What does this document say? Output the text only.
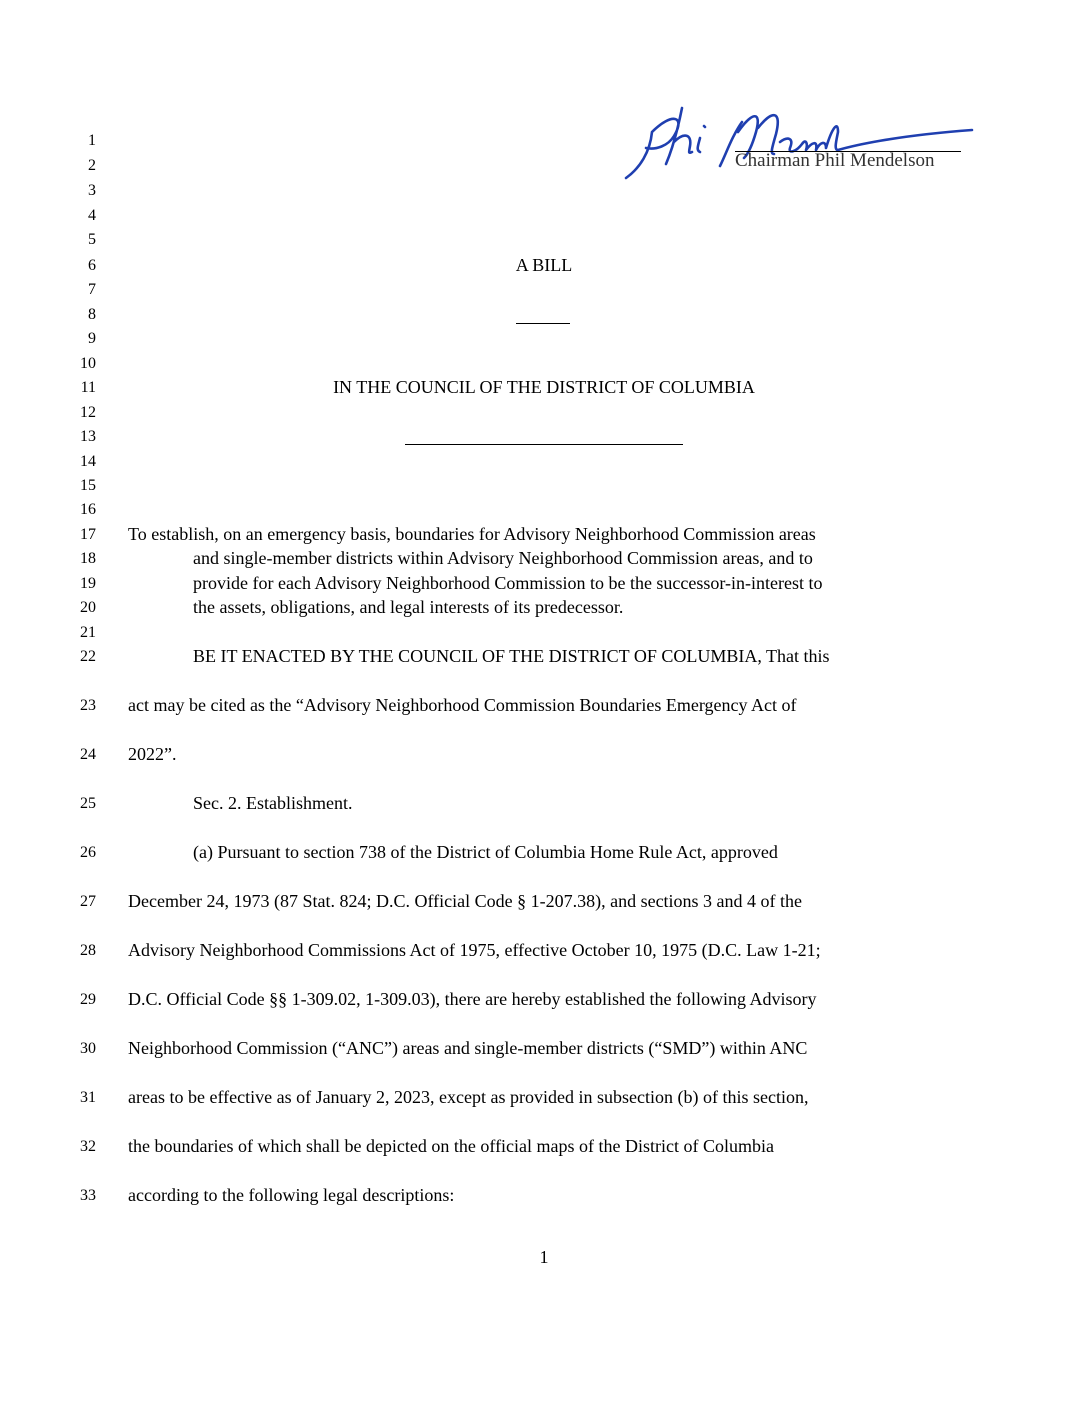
Chairman Phil Mendelson
1
2
3
4
5
6
7
8
9
10
11
12
13
14
15
16
17
18
19
20
21
22
23
24
25
26
27
28
29
30
31
32
33
A BILL
IN THE COUNCIL OF THE DISTRICT OF COLUMBIA
To establish, on an emergency basis, boundaries for Advisory Neighborhood Commission areas
and single-member districts within Advisory Neighborhood Commission areas, and to
provide for each Advisory Neighborhood Commission to be the successor-in-interest to
the assets, obligations, and legal interests of its predecessor.
BE IT ENACTED BY THE COUNCIL OF THE DISTRICT OF COLUMBIA, That this
act may be cited as the “Advisory Neighborhood Commission Boundaries Emergency Act of
2022”.
Sec. 2. Establishment.
(a) Pursuant to section 738 of the District of Columbia Home Rule Act, approved
December 24, 1973 (87 Stat. 824; D.C. Official Code § 1-207.38), and sections 3 and 4 of the
Advisory Neighborhood Commissions Act of 1975, effective October 10, 1975 (D.C. Law 1-21;
D.C. Official Code §§ 1-309.02, 1-309.03), there are hereby established the following Advisory
Neighborhood Commission (“ANC”) areas and single-member districts (“SMD”) within ANC
areas to be effective as of January 2, 2023, except as provided in subsection (b) of this section,
the boundaries of which shall be depicted on the official maps of the District of Columbia
according to the following legal descriptions:
1
